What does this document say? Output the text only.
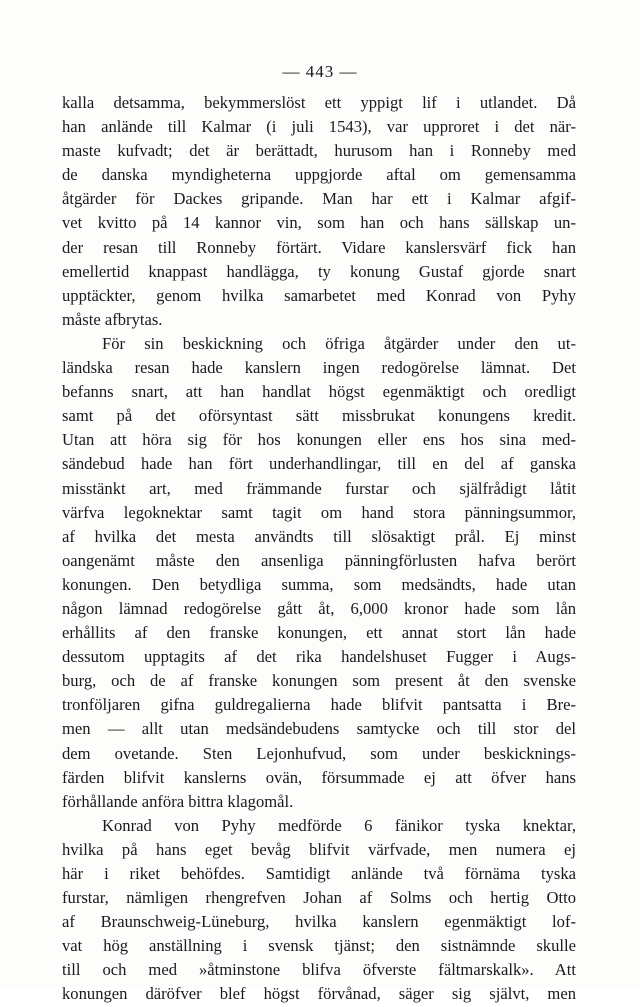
— 443 —
kalla detsamma, bekymmerslöst ett yppigt lif i utlandet. Då
han anlände till Kalmar (i juli 1543), var upproret i det när-
maste kufvadt; det är berättadt, hurusom han i Ronneby med
de danska myndigheterna uppgjorde aftal om gemensamma
åtgärder för Dackes gripande. Man har ett i Kalmar afgif-
vet kvitto på 14 kannor vin, som han och hans sällskap un-
der resan till Ronneby förtärt. Vidare kanslersvärf fick han
emellertid knappast handlägga, ty konung Gustaf gjorde snart
upptäckter, genom hvilka samarbetet med Konrad von Pyhy
måste afbrytas.
För sin beskickning och öfriga åtgärder under den ut-
ländska resan hade kanslern ingen redogörelse lämnat. Det
befanns snart, att han handlat högst egenmäktigt och oredligt
samt på det oförsyntast sätt missbrukat konungens kredit.
Utan att höra sig för hos konungen eller ens hos sina med-
sändebud hade han fört underhandlingar, till en del af ganska
misstänkt art, med främmande furstar och själfrådigt låtit
värfva legoknektar samt tagit om hand stora pänningsummor,
af hvilka det mesta användts till slösaktigt prål. Ej minst
oangenämt måste den ansenliga pänningförlusten hafva berört
konungen. Den betydliga summa, som medsändts, hade utan
någon lämnad redogörelse gått åt, 6,000 kronor hade som lån
erhållits af den franske konungen, ett annat stort lån hade
dessutom upptagits af det rika handelshuset Fugger i Augs-
burg, och de af franske konungen som present åt den svenske
tronföljaren gifna guldregalierna hade blifvit pantsatta i Bre-
men — allt utan medsändebudens samtycke och till stor del
dem ovetande. Sten Lejonhufvud, som under beskicknings-
färden blifvit kanslerns ovän, försummade ej att öfver hans
förhållande anföra bittra klagomål.
Konrad von Pyhy medförde 6 fänikor tyska knektar,
hvilka på hans eget bevåg blifvit värfvade, men numera ej
här i riket behöfdes. Samtidigt anlände två förnäma tyska
furstar, nämligen rhengrefven Johan af Solms och hertig Otto
af Braunschweig-Lüneburg, hvilka kanslern egenmäktigt lof-
vat hög anställning i svensk tjänst; den sistnämnde skulle
till och med »åtminstone blifva öfverste fältmarskalk». Att
konungen däröfver blef högst förvånad, säger sig självt, men
